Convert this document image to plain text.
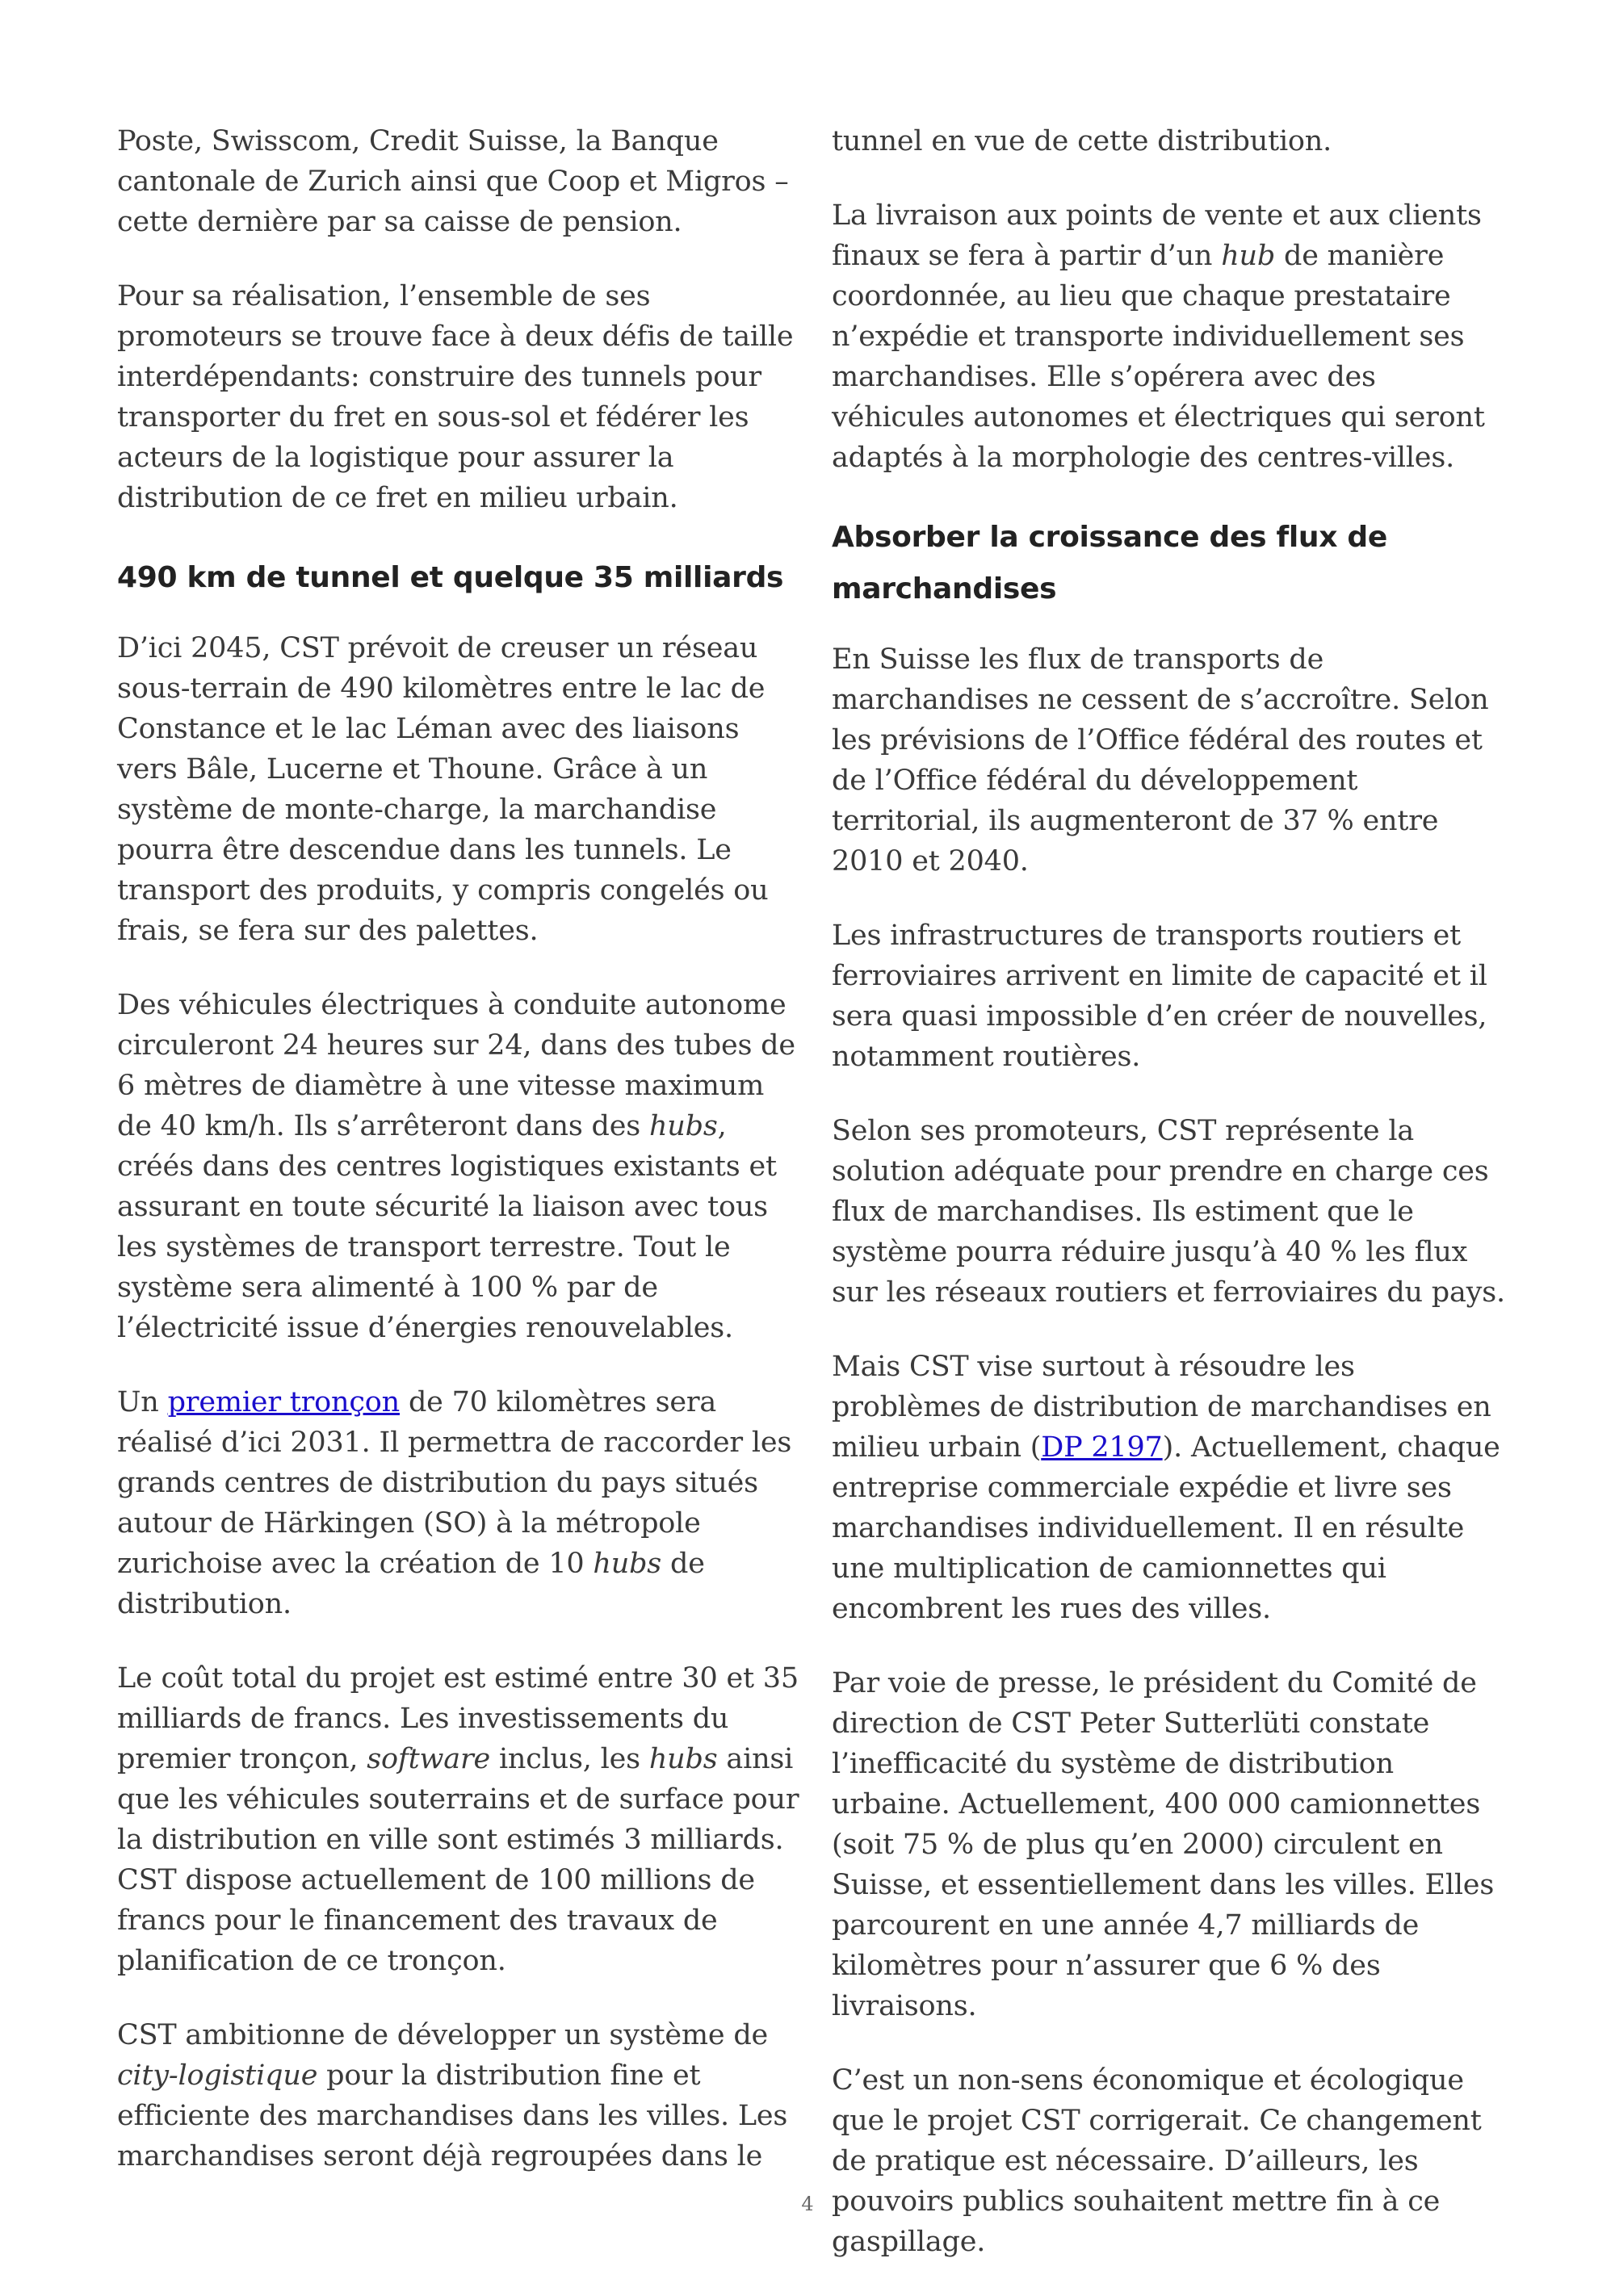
Poste, Swisscom, Credit Suisse, la Banque cantonale de Zurich ainsi que Coop et Migros – cette dernière par sa caisse de pension.

Pour sa réalisation, l’ensemble de ses promoteurs se trouve face à deux défis de taille interdépendants: construire des tunnels pour transporter du fret en sous-sol et fédérer les acteurs de la logistique pour assurer la distribution de ce fret en milieu urbain.

490 km de tunnel et quelque 35 milliards

D’ici 2045, CST prévoit de creuser un réseau sous-terrain de 490 kilomètres entre le lac de Constance et le lac Léman avec des liaisons vers Bâle, Lucerne et Thoune. Grâce à un système de monte-charge, la marchandise pourra être descendue dans les tunnels. Le transport des produits, y compris congelés ou frais, se fera sur des palettes.

Des véhicules électriques à conduite autonome circuleront 24 heures sur 24, dans des tubes de 6 mètres de diamètre à une vitesse maximum de 40 km/h. Ils s’arrêteront dans des hubs, créés dans des centres logistiques existants et assurant en toute sécurité la liaison avec tous les systèmes de transport terrestre. Tout le système sera alimenté à 100 % par de l’électricité issue d’énergies renouvelables.

Un premier tronçon de 70 kilomètres sera réalisé d’ici 2031. Il permettra de raccorder les grands centres de distribution du pays situés autour de Härkingen (SO) à la métropole zurichoise avec la création de 10 hubs de distribution.

Le coût total du projet est estimé entre 30 et 35 milliards de francs. Les investissements du premier tronçon, software inclus, les hubs ainsi que les véhicules souterrains et de surface pour la distribution en ville sont estimés 3 milliards. CST dispose actuellement de 100 millions de francs pour le financement des travaux de planification de ce tronçon.

CST ambitionne de développer un système de city-logistique pour la distribution fine et efficiente des marchandises dans les villes. Les marchandises seront déjà regroupées dans le

tunnel en vue de cette distribution.

La livraison aux points de vente et aux clients finaux se fera à partir d’un hub de manière coordonnée, au lieu que chaque prestataire n’expédie et transporte individuellement ses marchandises. Elle s’opérera avec des véhicules autonomes et électriques qui seront adaptés à la morphologie des centres-villes.

Absorber la croissance des flux de marchandises

En Suisse les flux de transports de marchandises ne cessent de s’accroître. Selon les prévisions de l’Office fédéral des routes et de l’Office fédéral du développement territorial, ils augmenteront de 37 % entre 2010 et 2040.

Les infrastructures de transports routiers et ferroviaires arrivent en limite de capacité et il sera quasi impossible d’en créer de nouvelles, notamment routières.

Selon ses promoteurs, CST représente la solution adéquate pour prendre en charge ces flux de marchandises. Ils estiment que le système pourra réduire jusqu’à 40 % les flux sur les réseaux routiers et ferroviaires du pays.

Mais CST vise surtout à résoudre les problèmes de distribution de marchandises en milieu urbain (DP 2197). Actuellement, chaque entreprise commerciale expédie et livre ses marchandises individuellement. Il en résulte une multiplication de camionnettes qui encombrent les rues des villes.

Par voie de presse, le président du Comité de direction de CST Peter Sutterlüti constate l’inefficacité du système de distribution urbaine. Actuellement, 400 000 camionnettes (soit 75 % de plus qu’en 2000) circulent en Suisse, et essentiellement dans les villes. Elles parcourent en une année 4,7 milliards de kilomètres pour n’assurer que 6 % des livraisons.

C’est un non-sens économique et écologique que le projet CST corrigerait. Ce changement de pratique est nécessaire. D’ailleurs, les pouvoirs publics souhaitent mettre fin à ce gaspillage.

4
